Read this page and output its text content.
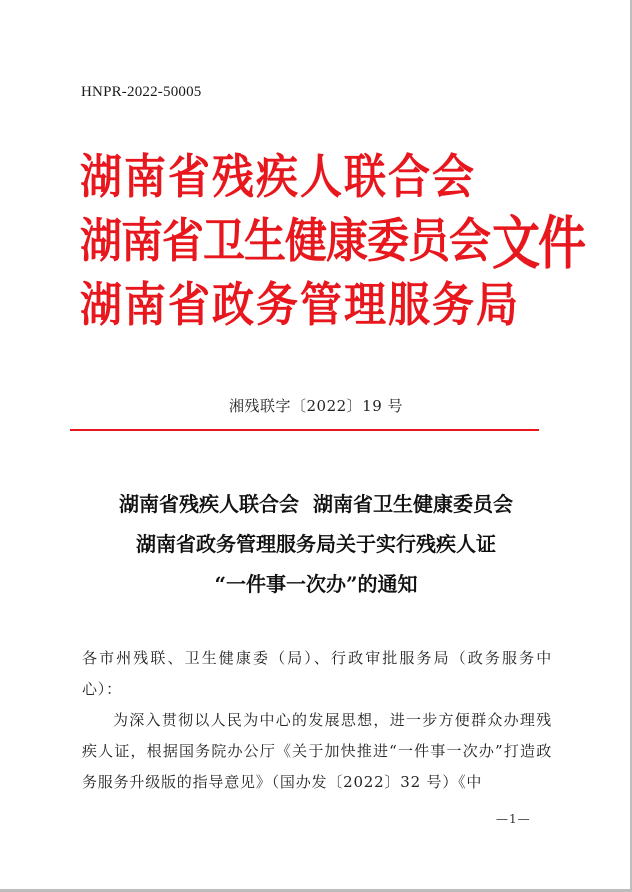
HNPR-2022-50005
湖南省残疾人联合会
湖南省卫生健康委员会 文件
湖南省政务管理服务局
湘残联字〔2022〕19 号
湖南省残疾人联合会  湖南省卫生健康委员会
湖南省政务管理服务局关于实行残疾人证
“一件事一次办”的通知

各市州残联、卫生健康委（局）、行政审批服务局（政务服务中心）：

为深入贯彻以人民为中心的发展思想，进一步方便群众办理残疾人证，根据国务院办公厅《关于加快推进“一件事一次办”打造政务服务升级版的指导意见》（国办发〔2022〕32 号）《中

—1—
